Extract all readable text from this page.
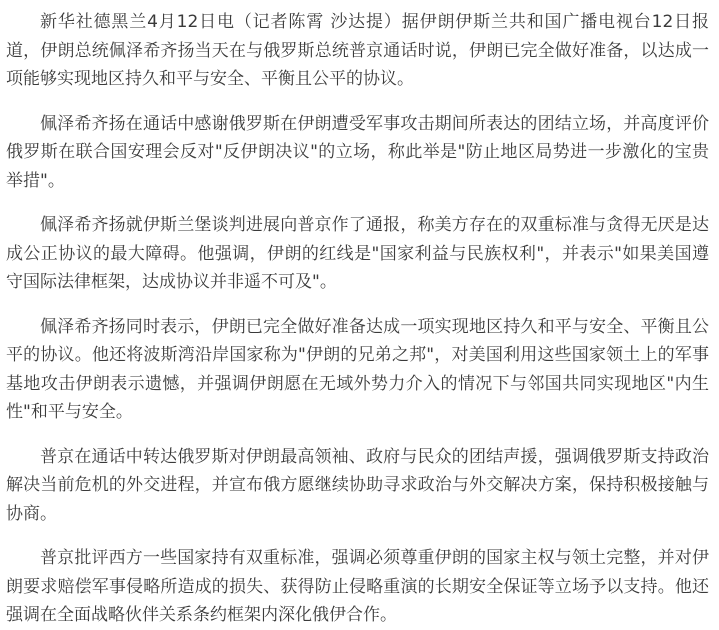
新华社德黑兰4月12日电（记者陈霄 沙达提）据伊朗伊斯兰共和国广播电视台12日报道，伊朗总统佩泽希齐扬当天在与俄罗斯总统普京通话时说，伊朗已完全做好准备，以达成一项能够实现地区持久和平与安全、平衡且公平的协议。

佩泽希齐扬在通话中感谢俄罗斯在伊朗遭受军事攻击期间所表达的团结立场，并高度评价俄罗斯在联合国安理会反对"反伊朗决议"的立场，称此举是"防止地区局势进一步激化的宝贵举措"。

佩泽希齐扬就伊斯兰堡谈判进展向普京作了通报，称美方存在的双重标准与贪得无厌是达成公正协议的最大障碍。他强调，伊朗的红线是"国家利益与民族权利"，并表示"如果美国遵守国际法律框架，达成协议并非遥不可及"。

佩泽希齐扬同时表示，伊朗已完全做好准备达成一项实现地区持久和平与安全、平衡且公平的协议。他还将波斯湾沿岸国家称为"伊朗的兄弟之邦"，对美国利用这些国家领土上的军事基地攻击伊朗表示遗憾，并强调伊朗愿在无域外势力介入的情况下与邻国共同实现地区"内生性"和平与安全。

普京在通话中转达俄罗斯对伊朗最高领袖、政府与民众的团结声援，强调俄罗斯支持政治解决当前危机的外交进程，并宣布俄方愿继续协助寻求政治与外交解决方案，保持积极接触与协商。

普京批评西方一些国家持有双重标准，强调必须尊重伊朗的国家主权与领土完整，并对伊朗要求赔偿军事侵略所造成的损失、获得防止侵略重演的长期安全保证等立场予以支持。他还强调在全面战略伙伴关系条约框架内深化俄伊合作。
